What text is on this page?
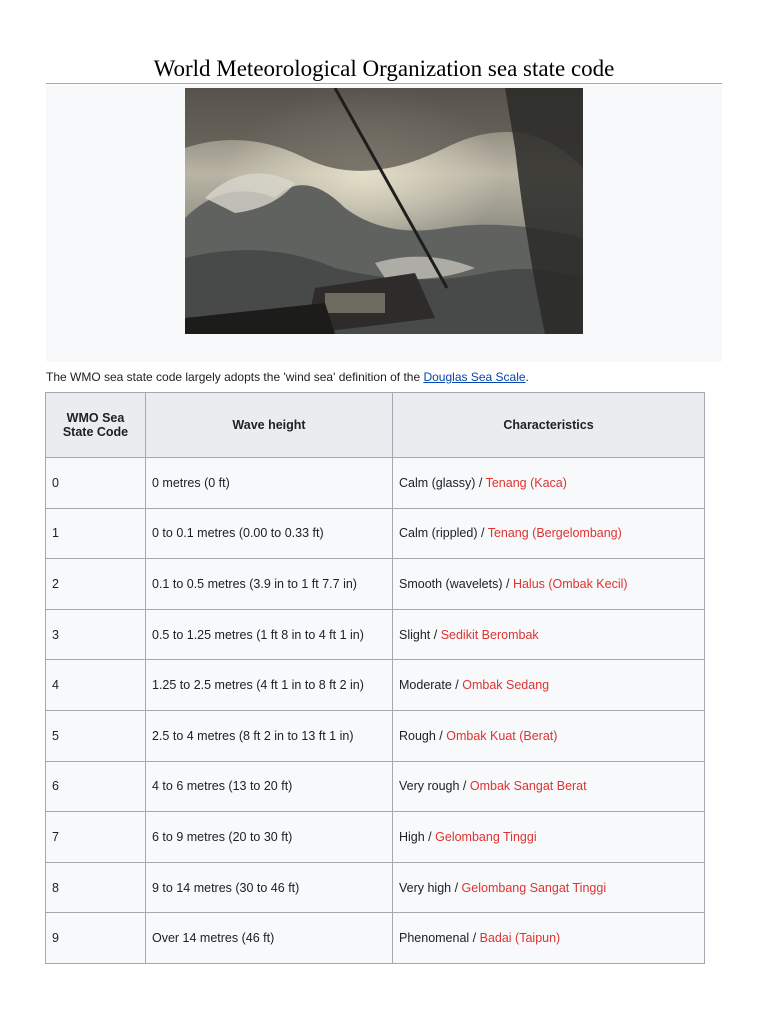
World Meteorological Organization sea state code
The WMO sea state code largely adopts the 'wind sea' definition of the Douglas Sea Scale.
WMO Sea State Code	Wave height	Characteristics
0	0 metres (0 ft)	Calm (glassy) / Tenang (Kaca)
1	0 to 0.1 metres (0.00 to 0.33 ft)	Calm (rippled) / Tenang (Bergelombang)
2	0.1 to 0.5 metres (3.9 in to 1 ft 7.7 in)	Smooth (wavelets) / Halus (Ombak Kecil)
3	0.5 to 1.25 metres (1 ft 8 in to 4 ft 1 in)	Slight / Sedikit Berombak
4	1.25 to 2.5 metres (4 ft 1 in to 8 ft 2 in)	Moderate / Ombak Sedang
5	2.5 to 4 metres (8 ft 2 in to 13 ft 1 in)	Rough / Ombak Kuat (Berat)
6	4 to 6 metres (13 to 20 ft)	Very rough / Ombak Sangat Berat
7	6 to 9 metres (20 to 30 ft)	High / Gelombang Tinggi
8	9 to 14 metres (30 to 46 ft)	Very high / Gelombang Sangat Tinggi
9	Over 14 metres (46 ft)	Phenomenal / Badai (Taipun)
